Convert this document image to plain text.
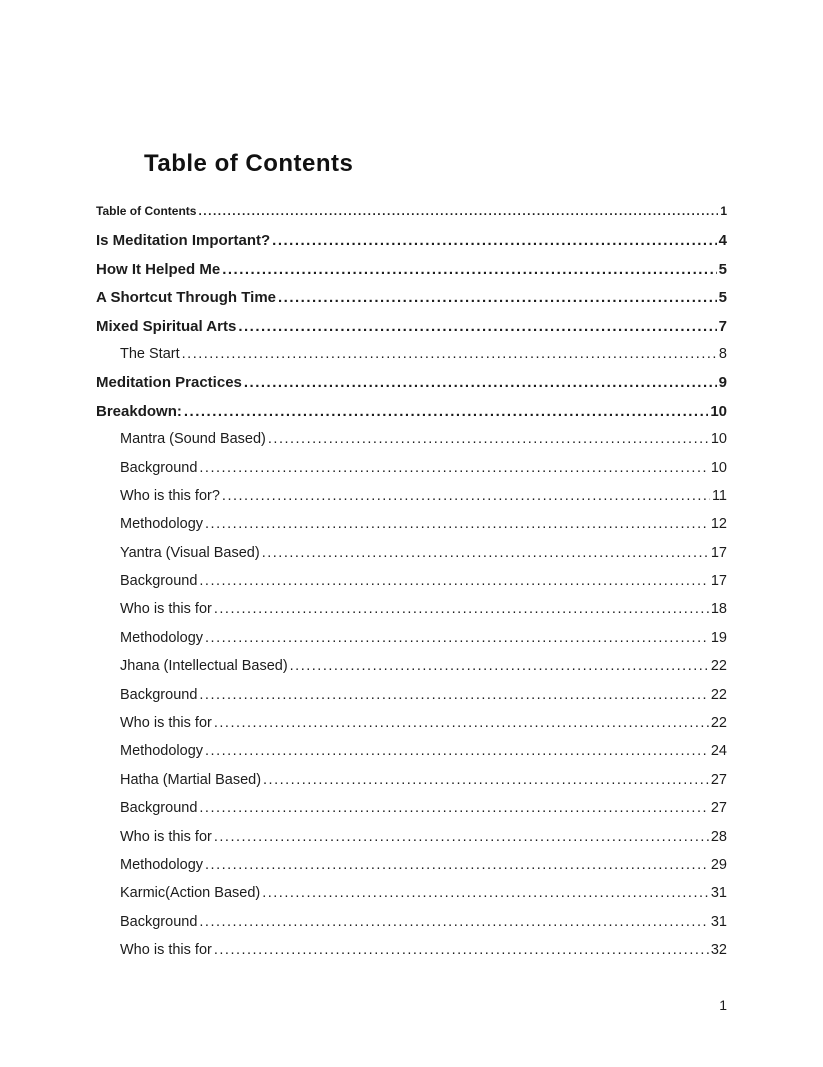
Table of Contents
Table of Contents .....	1
Is Meditation Important? .....	4
How It Helped Me .....	5
A Shortcut Through Time .....	5
Mixed Spiritual Arts .....	7
The Start .....	8
Meditation Practices .....	9
Breakdown: .....	10
Mantra (Sound Based) .....	10
Background .....	10
Who is this for? .....	11
Methodology .....	12
Yantra (Visual Based) .....	17
Background .....	17
Who is this for .....	18
Methodology .....	19
Jhana (Intellectual Based) .....	22
Background .....	22
Who is this for .....	22
Methodology .....	24
Hatha (Martial Based) .....	27
Background .....	27
Who is this for .....	28
Methodology .....	29
Karmic(Action Based) .....	31
Background .....	31
Who is this for .....	32
1
